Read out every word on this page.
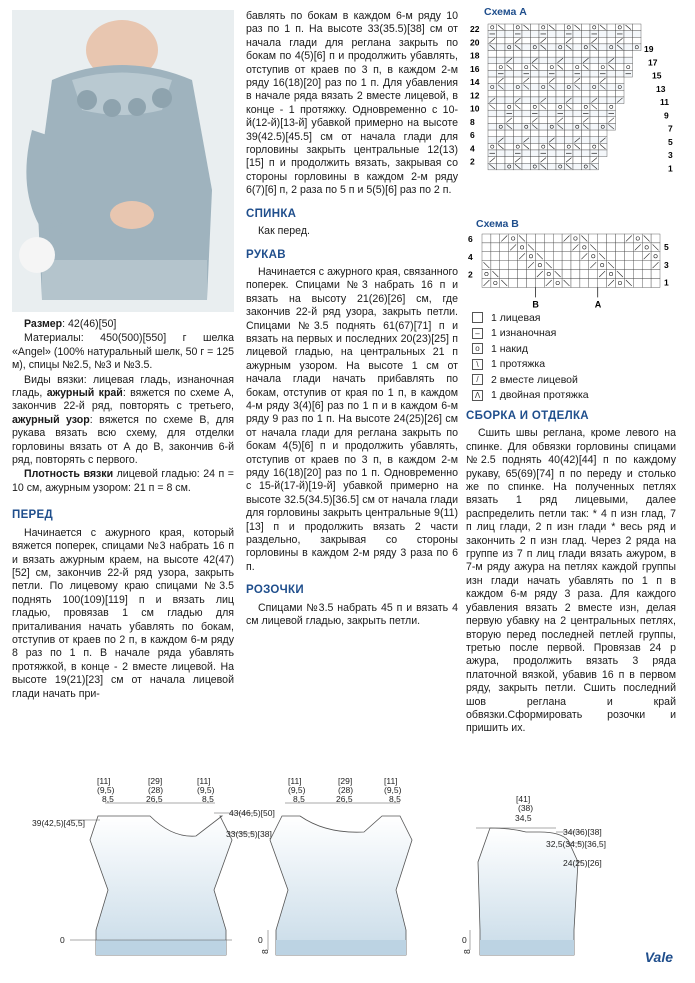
Размер: 42(46)[50]

Материалы: 450(500)[550] г шелка «Angel» (100% натуральный шелк, 50 г = 125 м), спицы №2.5, №3 и №3.5.

Виды вязки: лицевая гладь, изнаночная гладь, ажурный край: вяжется по схеме А, закончив 22-й ряд, повторять с третьего, ажурный узор: вяжется по схеме В, для рукава вязать всю схему, для отделки горловины вязать от А до В, закончив 6-й ряд, повторять с первого.

Плотность вязки лицевой гладью: 24 п = 10 см, ажурным узором: 21 п = 8 см.

ПЕРЕД

Начинается с ажурного края, который вяжется поперек, спицами №3 набрать 16 п и вязать ажурным краем, на высоте 42(47)[52] см, закончив 22-й ряд узора, закрыть петли. По лицевому краю спицами №3.5 поднять 100(109)[119] п и вязать лиц гладью, провязав 1 см гладью для приталивания начать убавлять по бокам, отступив от краев по 2 п, в каждом 6-м ряду 8 раз по 1 п. В начале ряда убавлять протяжкой, в конце - 2 вместе лицевой. На высоте 19(21)[23] см от начала лицевой глади начать при-

бавлять по бокам в каждом 6-м ряду 10 раз по 1 п. На высоте 33(35.5)[38] см от начала глади для реглана закрыть по бокам по 4(5)[6] п и продолжить убавлять, отступив от краев по 3 п, в каждом 2-м ряду 16(18)[20] раз по 1 п. Для убавления в начале ряда вязать 2 вместе лицевой, в конце - 1 протяжку. Одновременно с 10-й(12-й)[13-й] убавкой примерно на высоте 39(42.5)[45.5] см от начала глади для горловины закрыть центральные 12(13)[15] п и продолжить вязать, закрывая со стороны горловины в каждом 2-м ряду 6(7)[6] п, 2 раза по 5 п и 5(5)[6] раз по 2 п.

СПИНКА

Как перед.

РУКАВ

Начинается с ажурного края, связанного поперек. Спицами №3 набрать 16 п и вязать на высоту 21(26)[26] см, где закончив 22-й ряд узора, закрыть петли. Спицами №3.5 поднять 61(67)[71] п и вязать на первых и последних 20(23)[25] п лицевой гладью, на центральных 21 п ажурным узором. На высоте 1 см от начала глади начать прибавлять по бокам, отступив от края по 1 п, в каждом 4-м ряду 3(4)[6] раз по 1 п и в каждом 6-м ряду 9 раз по 1 п. На высоте 24(25)[26] см от начала глади для реглана закрыть по бокам 4(5)[6] п и продолжить убавлять, отступив от краев по 3 п, в каждом 2-м ряду 16(18)[20] раз по 1 п. Одновременно с 15-й(17-й)[19-й] убавкой примерно на высоте 32.5(34.5)[36.5] см от начала глади для горловины закрыть центральные 9(11)[13] п и продолжить вязать 2 части раздельно, закрывая со стороны горловины в каждом 2-м ряду 3 раза по 6 п.

РОЗОЧКИ

Спицами №3.5 набрать 45 п и вязать 4 см лицевой гладью, закрыть петли.

Схема А
22
20
18
16
14
12
10
8
6
4
2
19
17
15
13
11
9
7
5
3
1
Схема В
6
4
2
5
3
1
В	А
1 лицевая
–	1 изнаночная
o	1 накид
\	1 протяжка
/	2 вместе лицевой
Λ 1 двойная протяжка
СБОРКА И ОТДЕЛКА

Сшить швы реглана, кроме левого на спинке. Для обвязки горловины спицами №2.5 поднять 40(42)[44] п по каждому рукаву, 65(69)[74] п по переду и столько же по спинке. На полученных петлях вязать 1 ряд лицевыми, далее распределить петли так: * 4 п изн глад, 7 п лиц глади, 2 п изн глади * весь ряд и закончить 2 п изн глад. Через 2 ряда на группе из 7 п лиц глади вязать ажуром, в 7-м ряду ажура на петлях каждой группы изн глади начать убавлять по 1 п в каждом 6-м ряду 3 раза. Для каждого убавления вязать 2 вместе изн, делая первую убавку на 2 центральных петлях, вторую перед последней петлей группы, третью после первой. Провязав 24 р ажура, продолжить вязать 3 ряда платочной вязкой, убавив 16 п в первом ряду, закрыть петли. Сшить последний шов реглана и край обвязки.Сформировать розочки и пришить их.

[11]
(9,5)
8,5
[29]
(28)
26,5
[11]
(9,5)
8,5
39(42,5)[45,5]
43(46,5)[50]
33(35,5)[38]
0
[11]
(9,5)
8,5
[29]
(28)
26,5
[11]
(9,5)
8,5
0
8
[41]
(38)
34,5
34(36)[38]
32,5(34,5)[36,5]
24(25)[26]
0
8	Vale
